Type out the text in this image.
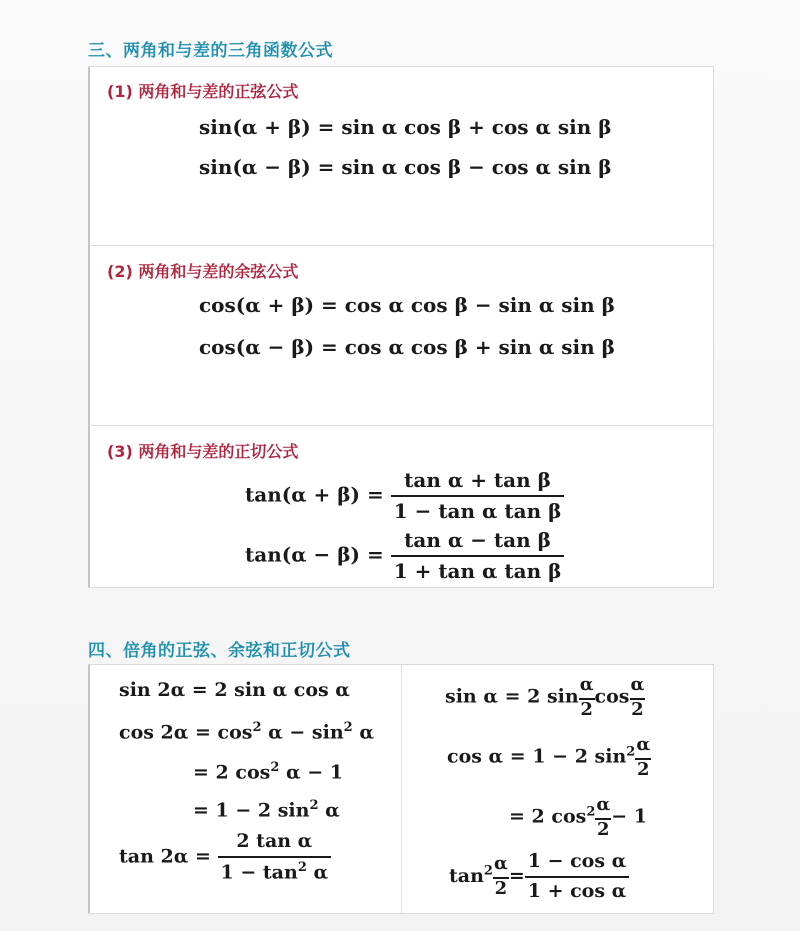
三、两角和与差的三角函数公式
(1) 两角和与差的正弦公式
sin(α + β) = sin α cos β + cos α sin β
sin(α − β) = sin α cos β − cos α sin β
(2) 两角和与差的余弦公式
cos(α + β) = cos α cos β − sin α sin β
cos(α − β) = cos α cos β + sin α sin β
(3) 两角和与差的正切公式
$\tan(\alpha + \beta) = \frac{\text{tan α + tan β}}{\text{1 − tan α tan β}}$
$\tan(\alpha - \beta) = \frac{\text{tan α − tan β}}{\text{1 + tan α tan β}}$
四、倍角的正弦、余弦和正切公式
sin 2α = 2 sin α cos α
$\cos 2\alpha = \cos^2 \alpha - \sin^2 \alpha$
= 2 $\cos^2 \alpha - 1$
= 1 − 2 $\sin^2 \alpha$
$\tan 2\alpha = \frac{\text{2 tan α}}{1 - \tan^2 \alpha}$
sin α = 2 $\sin \frac{\alpha}{2}$ $\cos \frac{\alpha}{2}$
cos α = 1 − 2 $\sin^2 \frac{\alpha}{2}$
= 2 $\cos^2 \frac{\alpha}{2} - 1$
$\tan^2 \frac{\alpha}{2} = \frac{\text{1 − cos α}}{\text{1 + cos α}}$
